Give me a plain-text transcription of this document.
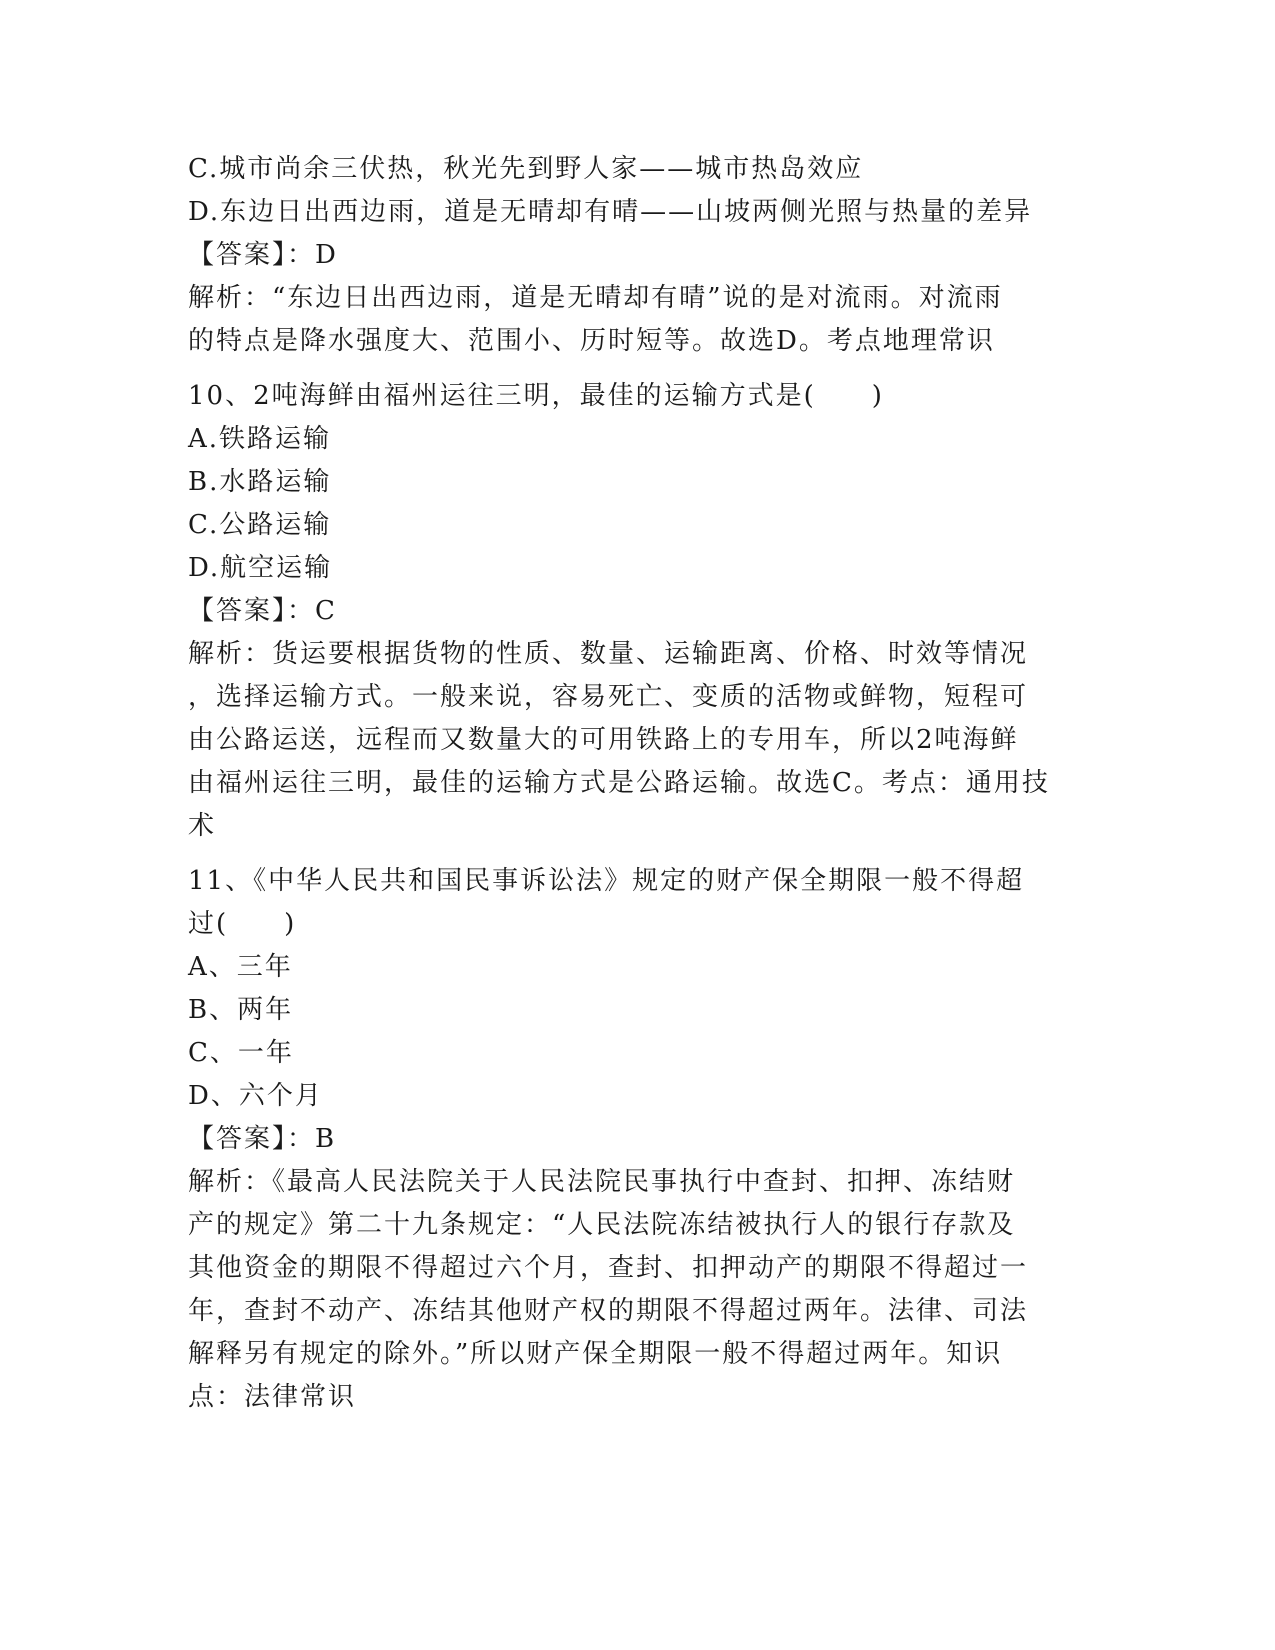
C.城市尚余三伏热，秋光先到野人家——城市热岛效应
D.东边日出西边雨，道是无晴却有晴——山坡两侧光照与热量的差异
【答案】：D
解析：“东边日出西边雨，道是无晴却有晴”说的是对流雨。对流雨
的特点是降水强度大、范围小、历时短等。故选D。考点地理常识
10、2吨海鲜由福州运往三明，最佳的运输方式是(　　)
A.铁路运输
B.水路运输
C.公路运输
D.航空运输
【答案】：C
解析：货运要根据货物的性质、数量、运输距离、价格、时效等情况
，选择运输方式。一般来说，容易死亡、变质的活物或鲜物，短程可
由公路运送，远程而又数量大的可用铁路上的专用车，所以2吨海鲜
由福州运往三明，最佳的运输方式是公路运输。故选C。考点：通用技
术
11、《中华人民共和国民事诉讼法》规定的财产保全期限一般不得超
过(　　)
A、三年
B、两年
C、一年
D、六个月
【答案】：B
解析：《最高人民法院关于人民法院民事执行中查封、扣押、冻结财
产的规定》第二十九条规定：“人民法院冻结被执行人的银行存款及
其他资金的期限不得超过六个月，查封、扣押动产的期限不得超过一
年，查封不动产、冻结其他财产权的期限不得超过两年。法律、司法
解释另有规定的除外。”所以财产保全期限一般不得超过两年。知识
点：法律常识
